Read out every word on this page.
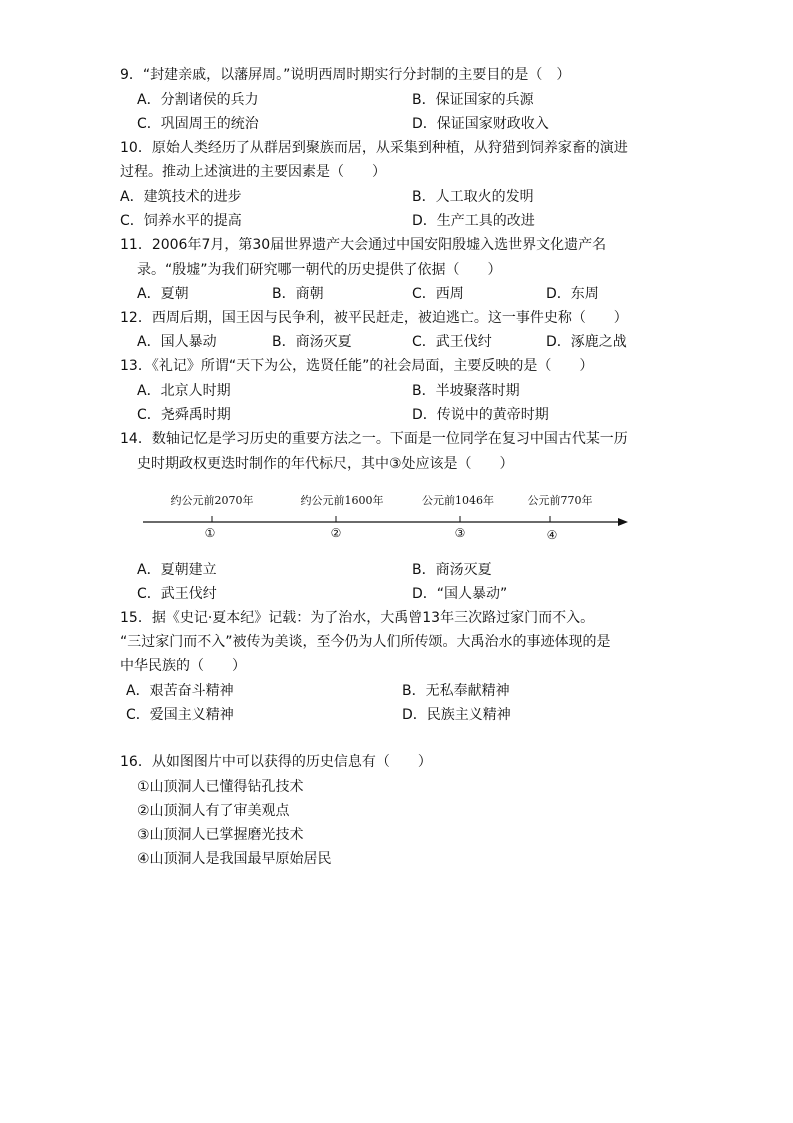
9．“封建亲戚，以藩屏周。”说明西周时期实行分封制的主要目的是（　）
A．分割诸侯的兵力	B．保证国家的兵源
C．巩固周王的统治	D．保证国家财政收入
10．原始人类经历了从群居到聚族而居，从采集到种植，从狩猎到饲养家畜的演进
过程。推动上述演进的主要因素是（　　）
A．建筑技术的进步	B．人工取火的发明
C．饲养水平的提高	D．生产工具的改进
11．2006年7月，第30届世界遗产大会通过中国安阳殷墟入选世界文化遗产名
录。“殷墟”为我们研究哪一朝代的历史提供了依据（　　）
A．夏朝	B．商朝	C．西周	D．东周
12．西周后期，国王因与民争利，被平民赶走，被迫逃亡。这一事件史称（　　）
A．国人暴动	B．商汤灭夏	C．武王伐纣	D．涿鹿之战
13．《礼记》所谓“天下为公，选贤任能”的社会局面，主要反映的是（　　）
A．北京人时期	B．半坡聚落时期
C．尧舜禹时期	D．传说中的黄帝时期
14．数轴记忆是学习历史的重要方法之一。下面是一位同学在复习中国古代某一历
史时期政权更迭时制作的年代标尺，其中③处应该是（　　）
约公元前2070年
①
约公元前1600年
②
公元前1046年
③
公元前770年
④
A．夏朝建立	B．商汤灭夏
C．武王伐纣	D．“国人暴动”
15．据《史记·夏本纪》记载：为了治水，大禹曾13年三次路过家门而不入。
“三过家门而不入”被传为美谈，至今仍为人们所传颂。大禹治水的事迹体现的是
中华民族的（　　）
A．艰苦奋斗精神	B．无私奉献精神
C．爱国主义精神	D．民族主义精神
16．从如图图片中可以获得的历史信息有（　　）
①山顶洞人已懂得钻孔技术
②山顶洞人有了审美观点
③山顶洞人已掌握磨光技术
④山顶洞人是我国最早原始居民
